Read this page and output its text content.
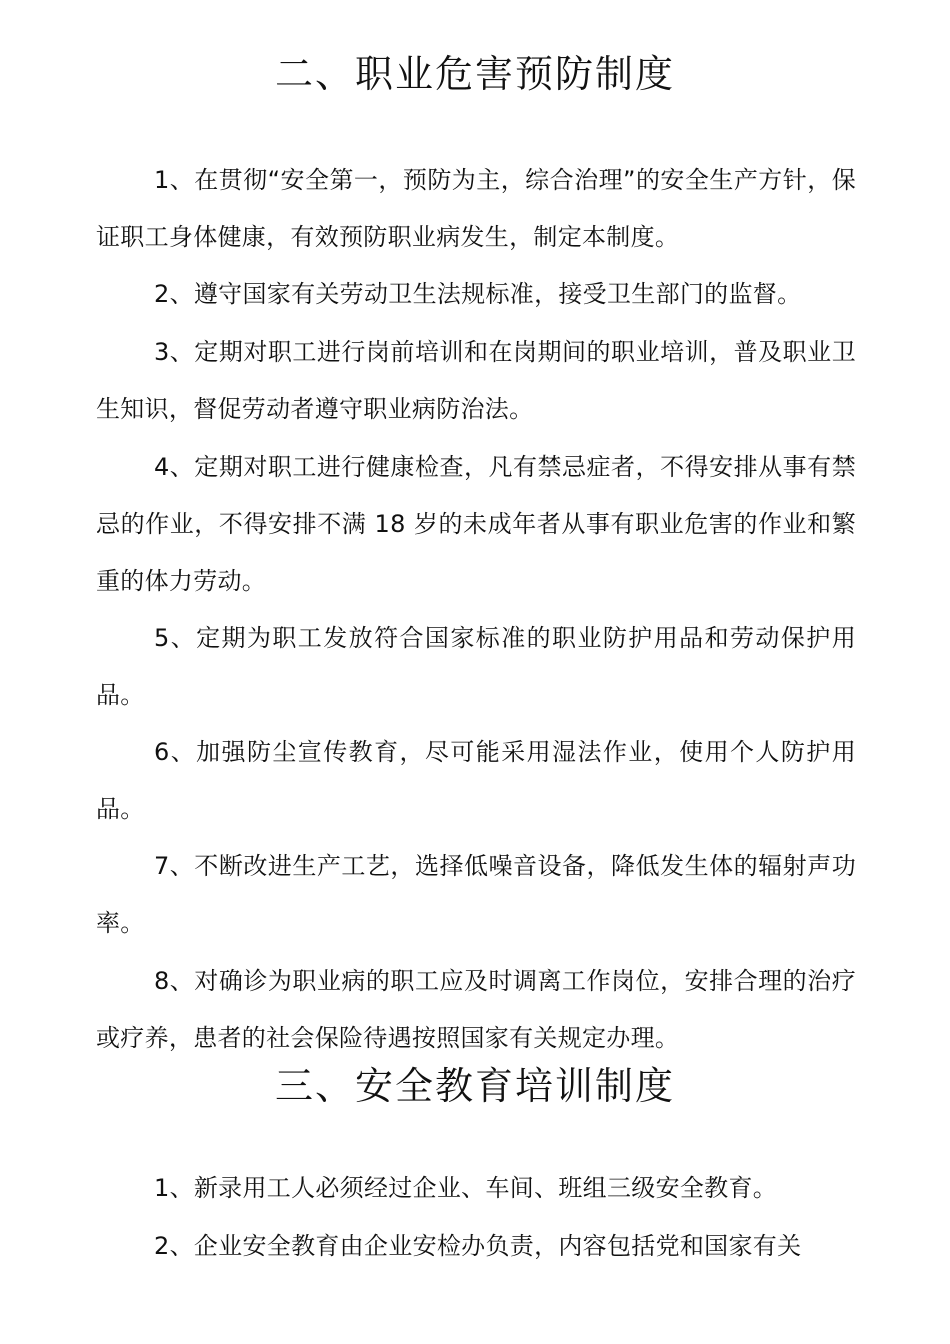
二、职业危害预防制度
1、在贯彻“安全第一，预防为主，综合治理”的安全生产方针，保证职工身体健康，有效预防职业病发生，制定本制度。
2、遵守国家有关劳动卫生法规标准，接受卫生部门的监督。
3、定期对职工进行岗前培训和在岗期间的职业培训，普及职业卫生知识，督促劳动者遵守职业病防治法。
4、定期对职工进行健康检查，凡有禁忌症者，不得安排从事有禁忌的作业，不得安排不满 18 岁的未成年者从事有职业危害的作业和繁重的体力劳动。
5、定期为职工发放符合国家标准的职业防护用品和劳动保护用品。
6、加强防尘宣传教育，尽可能采用湿法作业，使用个人防护用品。
7、不断改进生产工艺，选择低噪音设备，降低发生体的辐射声功率。
8、对确诊为职业病的职工应及时调离工作岗位，安排合理的治疗或疗养，患者的社会保险待遇按照国家有关规定办理。
三、安全教育培训制度
1、新录用工人必须经过企业、车间、班组三级安全教育。
2、企业安全教育由企业安检办负责，内容包括党和国家有关
